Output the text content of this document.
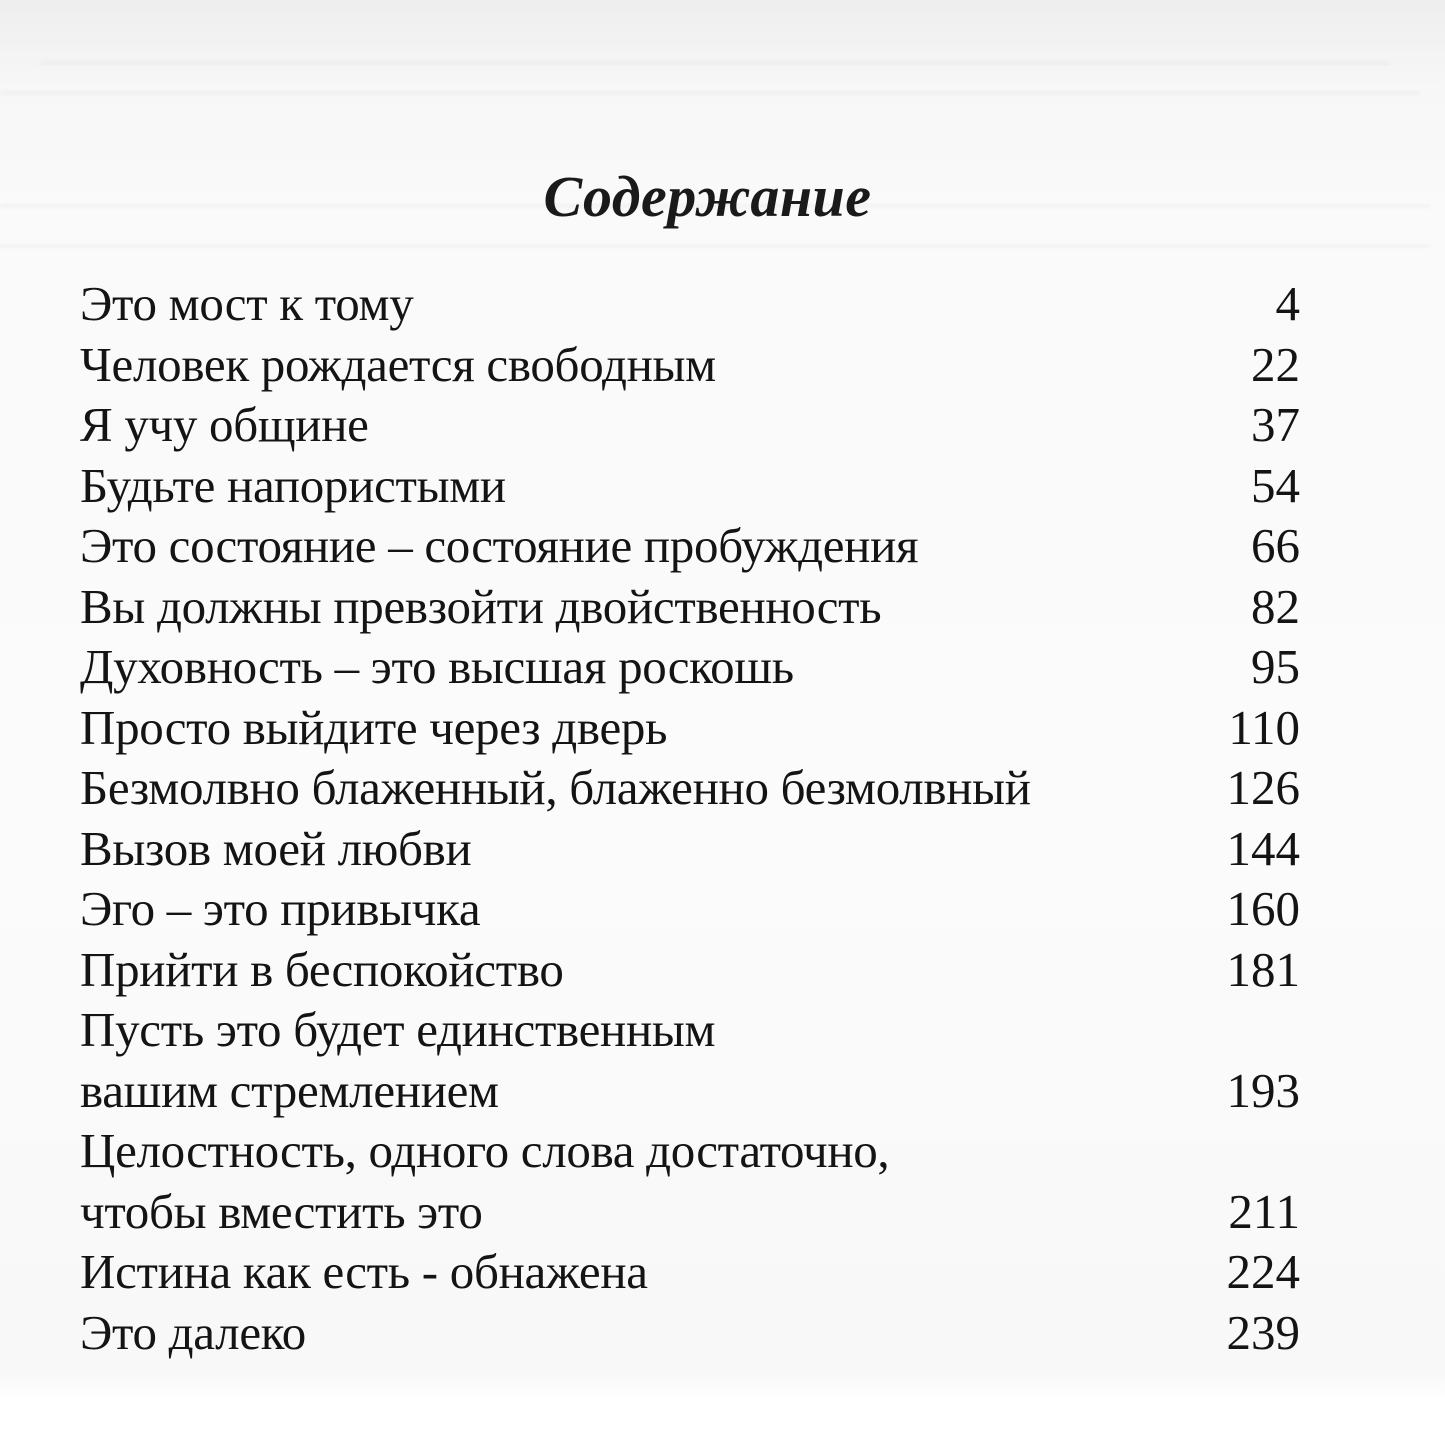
Содержание
Это мост к тому	4
Человек рождается свободным	22
Я учу общине	37
Будьте напористыми	54
Это состояние – состояние пробуждения	66
Вы должны превзойти двойственность	82
Духовность – это высшая роскошь	95
Просто выйдите через дверь	110
Безмолвно блаженный, блаженно безмолвный	126
Вызов моей любви	144
Эго – это привычка	160
Прийти в беспокойство	181
Пусть это будет единственным
вашим стремлением	193
Целостность, одного слова достаточно,
чтобы вместить это	211
Истина как есть - обнажена	224
Это далеко	239
